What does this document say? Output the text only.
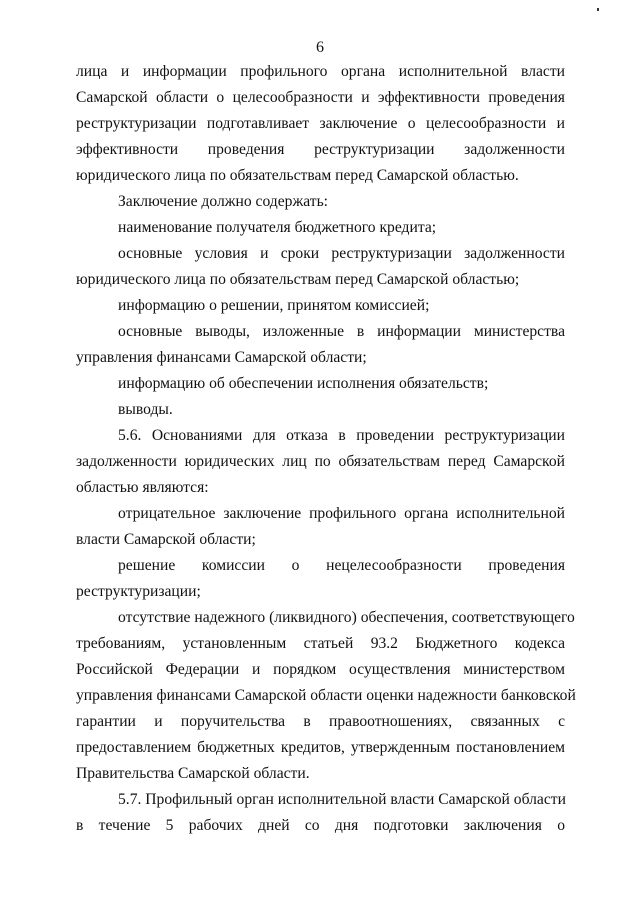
6
лица и информации профильного органа исполнительной власти
Самарской области о целесообразности и эффективности проведения
реструктуризации подготавливает заключение о целесообразности и
эффективности проведения реструктуризации задолженности
юридического лица по обязательствам перед Самарской областью.
Заключение должно содержать:
наименование получателя бюджетного кредита;
основные условия и сроки реструктуризации задолженности
юридического лица по обязательствам перед Самарской областью;
информацию о решении, принятом комиссией;
основные выводы, изложенные в информации министерства
управления финансами Самарской области;
информацию об обеспечении исполнения обязательств;
выводы.
5.6. Основаниями для отказа в проведении реструктуризации
задолженности юридических лиц по обязательствам перед Самарской
областью являются:
отрицательное заключение профильного органа исполнительной
власти Самарской области;
решение комиссии о нецелесообразности проведения
реструктуризации;
отсутствие надежного (ликвидного) обеспечения, соответствующего
требованиям, установленным статьей 93.2 Бюджетного кодекса
Российской Федерации и порядком осуществления министерством
управления финансами Самарской области оценки надежности банковской
гарантии и поручительства в правоотношениях, связанных с
предоставлением бюджетных кредитов, утвержденным постановлением
Правительства Самарской области.
5.7. Профильный орган исполнительной власти Самарской области
в течение 5 рабочих дней со дня подготовки заключения о
